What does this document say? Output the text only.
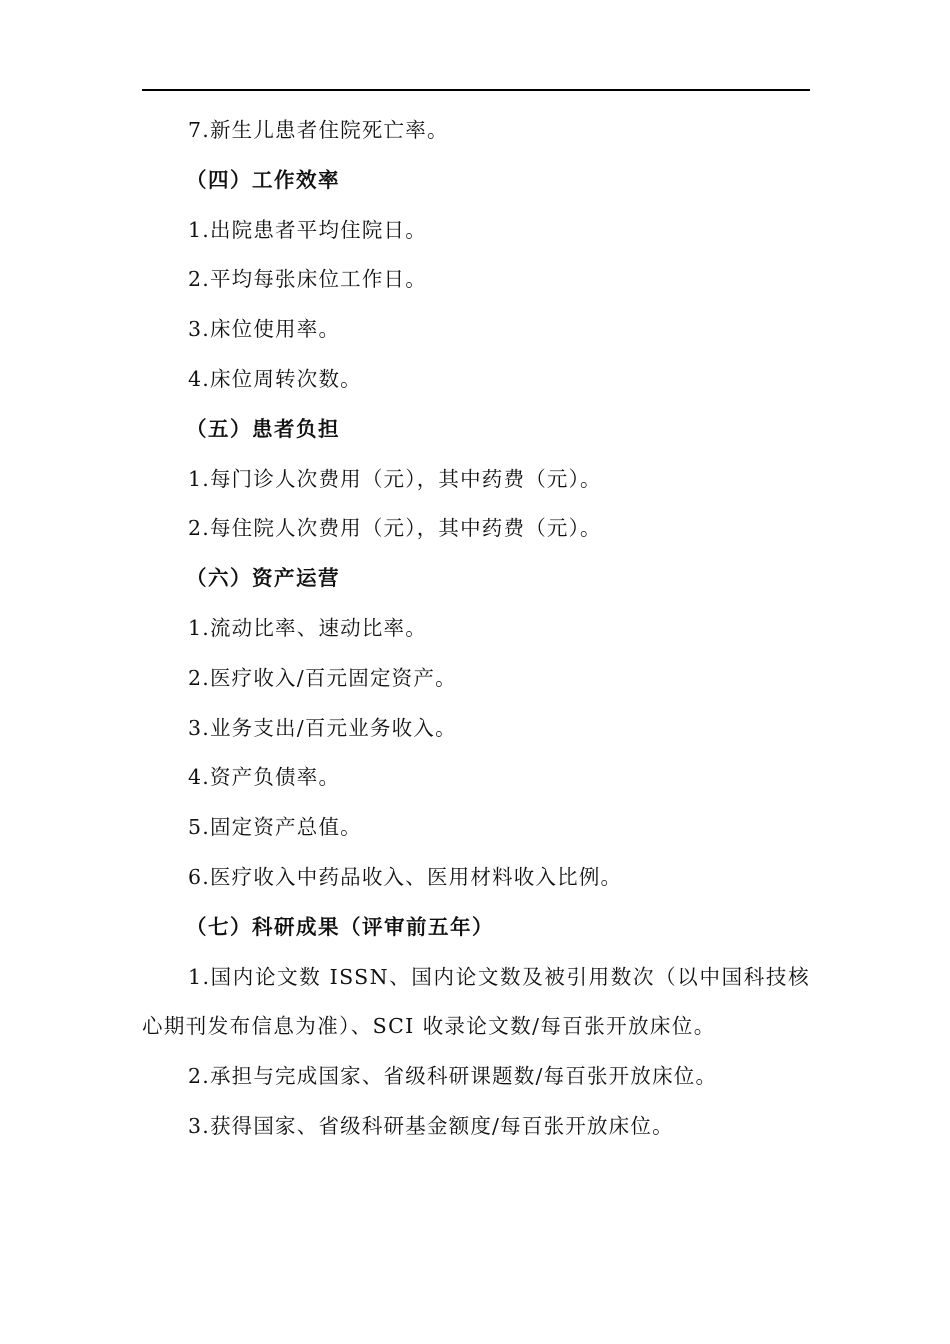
7.新生儿患者住院死亡率。

（四）工作效率

1.出院患者平均住院日。

2.平均每张床位工作日。

3.床位使用率。

4.床位周转次数。

（五）患者负担

1.每门诊人次费用（元），其中药费（元）。

2.每住院人次费用（元），其中药费（元）。

（六）资产运营

1.流动比率、速动比率。

2.医疗收入/百元固定资产。

3.业务支出/百元业务收入。

4.资产负债率。

5.固定资产总值。

6.医疗收入中药品收入、医用材料收入比例。

（七）科研成果（评审前五年）

1.国内论文数 ISSN、国内论文数及被引用数次（以中国科技核心期刊发布信息为准）、SCI 收录论文数/每百张开放床位。

2.承担与完成国家、省级科研课题数/每百张开放床位。

3.获得国家、省级科研基金额度/每百张开放床位。
